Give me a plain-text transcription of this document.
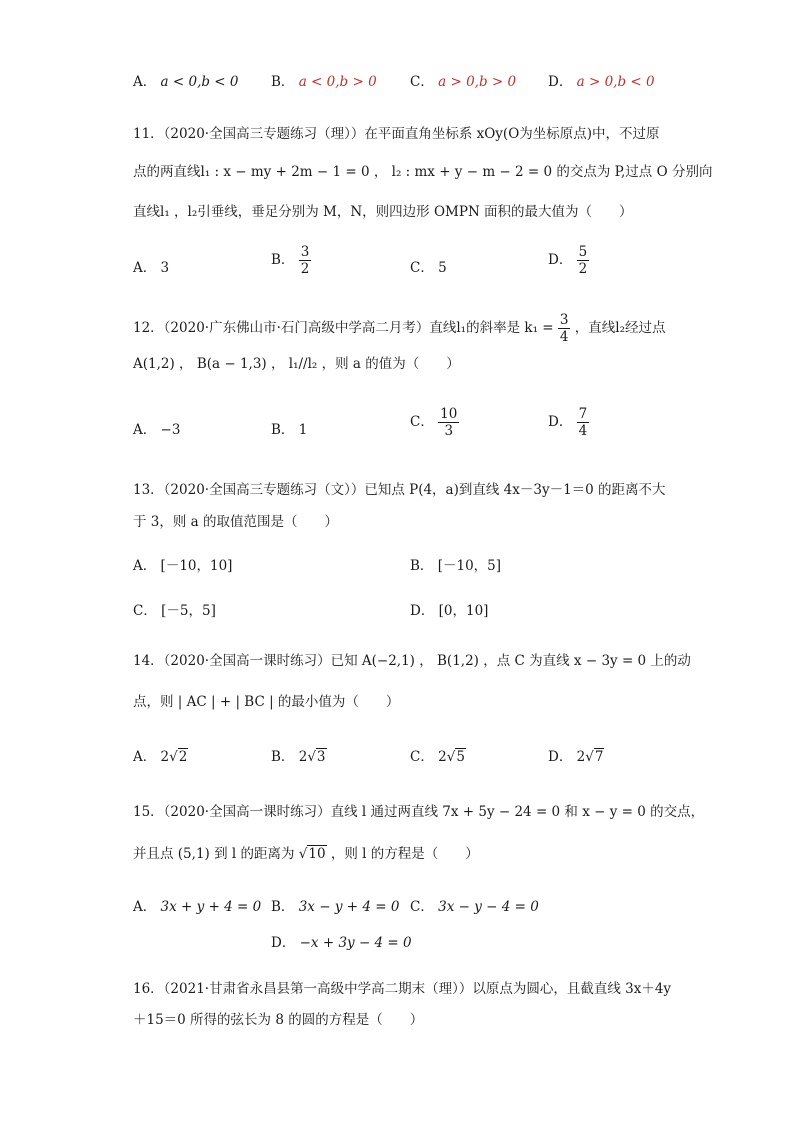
A． a < 0,b < 0 B． a < 0,b > 0 C． a > 0,b > 0 D． a > 0,b < 0
11．（2020·全国高三专题练习（理））在平面直角坐标系 xOy(O为坐标原点)中，不过原
点的两直线l₁ : x − my + 2m − 1 = 0 ， l₂ : mx + y − m − 2 = 0 的交点为 P,过点 O 分别向
直线l₁ ，l₂引垂线，垂足分别为 M，N，则四边形 OMPN 面积的最大值为（　　）
A． 3	B． $\frac{3}{2}$	C． 5	D． $\frac{5}{2}$
12．（2020·广东佛山市·石门高级中学高二月考）直线l₁的斜率是 $k_1 = \frac{3}{4}$ ，直线l₂经过点
A(1,2) ， B(a − 1,3) ， l₁//l₂ ，则 a 的值为（　　）
A． −3	B． 1	C． $\frac{10}{3}$	D． $\frac{7}{4}$
13．（2020·全国高三专题练习（文））已知点 P(4，a)到直线 4x－3y－1＝0 的距离不大
于 3，则 a 的取值范围是（　　）
A． [－10，10]	B． [－10，5]
C． [－5，5]	D． [0，10]
14．（2020·全国高一课时练习）已知 A(−2,1) ， B(1,2) ，点 C 为直线 x − 3y = 0 上的动
点，则 | AC | + | BC | 的最小值为（　　）
A． 2√2	B． 2√3	C． 2√5	D． 2√7
15．（2020·全国高一课时练习）直线 l 通过两直线 7x + 5y − 24 = 0 和 x − y = 0 的交点，
并且点 (5,1) 到 l 的距离为 √10 ，则 l 的方程是（　　）
A． 3x + y + 4 = 0 B． 3x − y + 4 = 0 C． 3x − y − 4 = 0
D． −x + 3y − 4 = 0
16．（2021·甘肃省永昌县第一高级中学高二期末（理））以原点为圆心，且截直线 3x＋4y
＋15＝0 所得的弦长为 8 的圆的方程是（　　）
